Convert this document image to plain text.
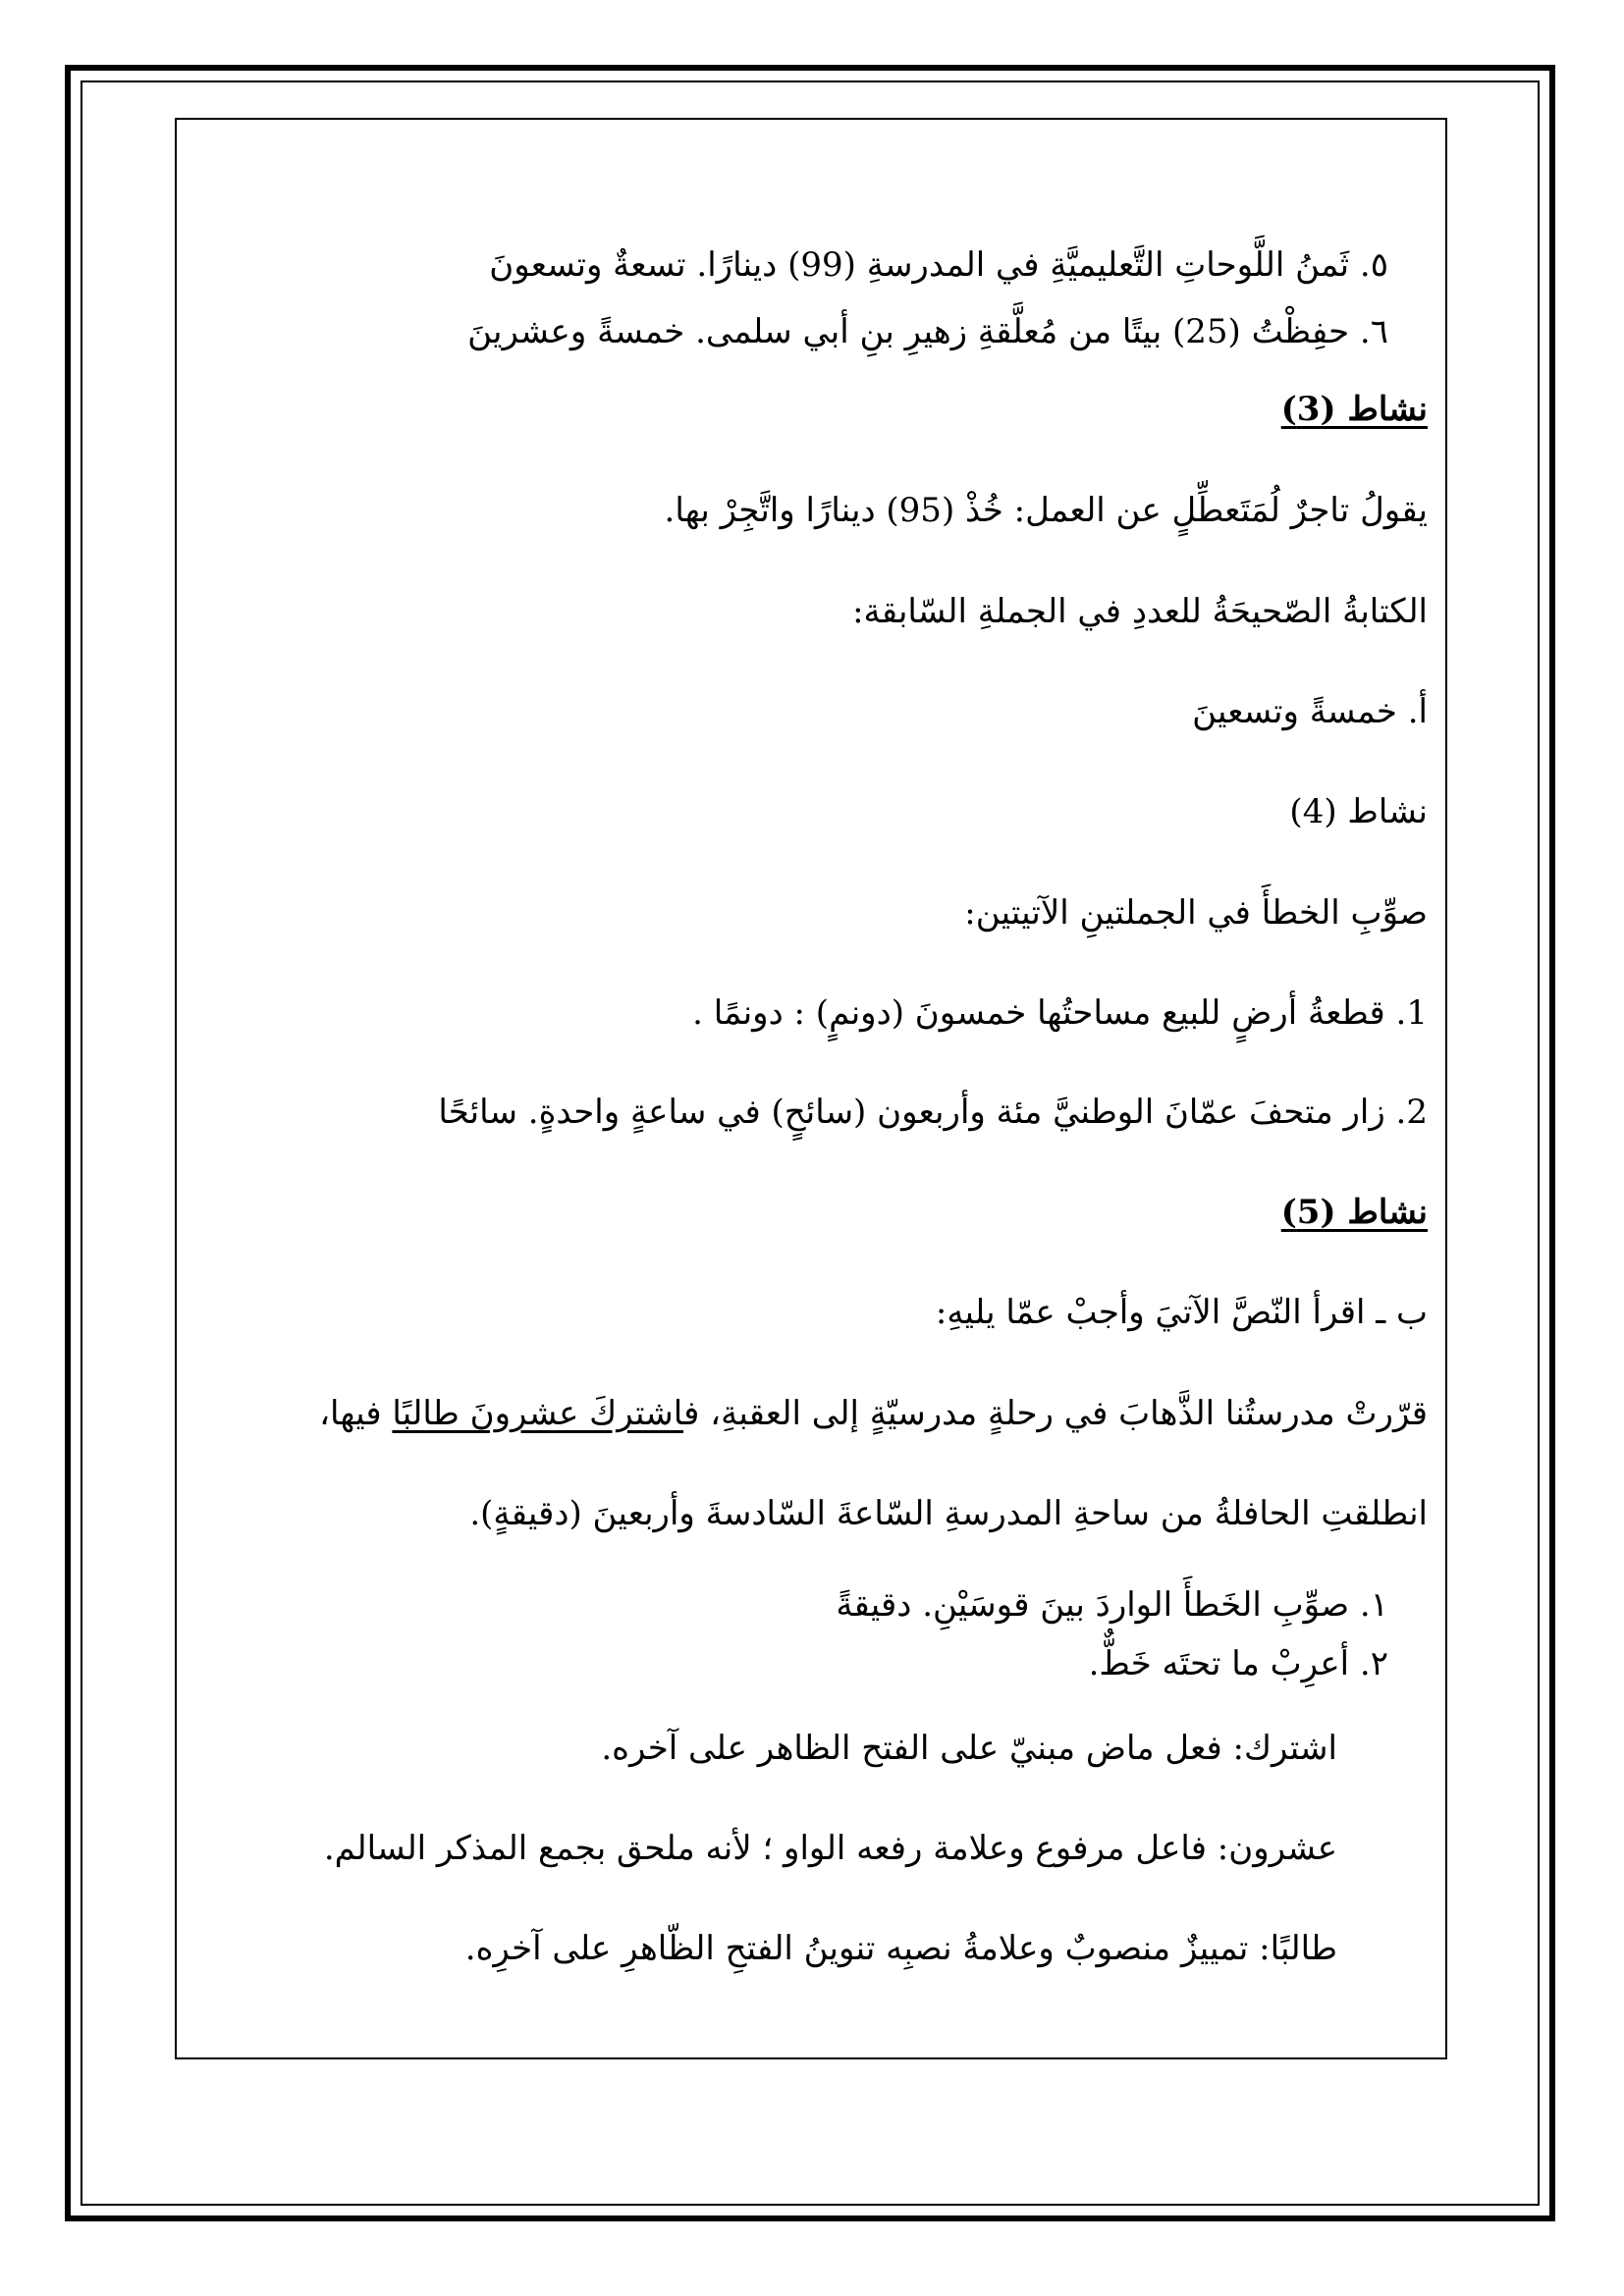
٥. ثَمنُ اللَّوحاتِ التَّعليميَّةِ في المدرسةِ (99) دينارًا. تسعةٌ وتسعونَ
٦. حفِظْتُ (25) بيتًا من مُعلَّقةِ زهيرِ بنِ أبي سلمى. خمسةً وعشرينَ
نشاط (3)
يقولُ تاجرٌ لُمَتَعطِّلٍ عن العمل: خُذْ (95) دينارًا واتَّجِرْ بها.
الكتابةُ الصّحيحَةُ للعددِ في الجملةِ السّابقة:
أ. خمسةً وتسعينَ
نشاط (4)
صوِّبِ الخطأَ في الجملتينِ الآتيتين:
1. قطعةُ أرضٍ للبيع مساحتُها خمسونَ (دونمٍ) : دونمًا .
2. زار متحفَ عمّانَ الوطنيَّ مئة وأربعون (سائحٍ) في ساعةٍ واحدةٍ. سائحًا
نشاط (5)
ب ـ اقرأ النّصَّ الآتيَ وأجبْ عمّا يليهِ:
قرّرتْ مدرستُنا الذَّهابَ في رحلةٍ مدرسيّةٍ إلى العقبةِ، فاشتركَ عشرونَ طالبًا فيها،
انطلقتِ الحافلةُ من ساحةِ المدرسةِ السّاعةَ السّادسةَ وأربعينَ (دقيقةٍ).
١. صوِّبِ الخَطأَ الواردَ بينَ قوسَيْنِ. دقيقةً
٢. أعرِبْ ما تحتَه خَطٌّ.
اشترك: فعل ماض مبنيّ على الفتح الظاهر على آخره.
عشرون: فاعل مرفوع وعلامة رفعه الواو ؛ لأنه ملحق بجمع المذكر السالم.
طالبًا: تمييزٌ منصوبٌ وعلامةُ نصبِه تنوينُ الفتحِ الظّاهرِ على آخرِه.
